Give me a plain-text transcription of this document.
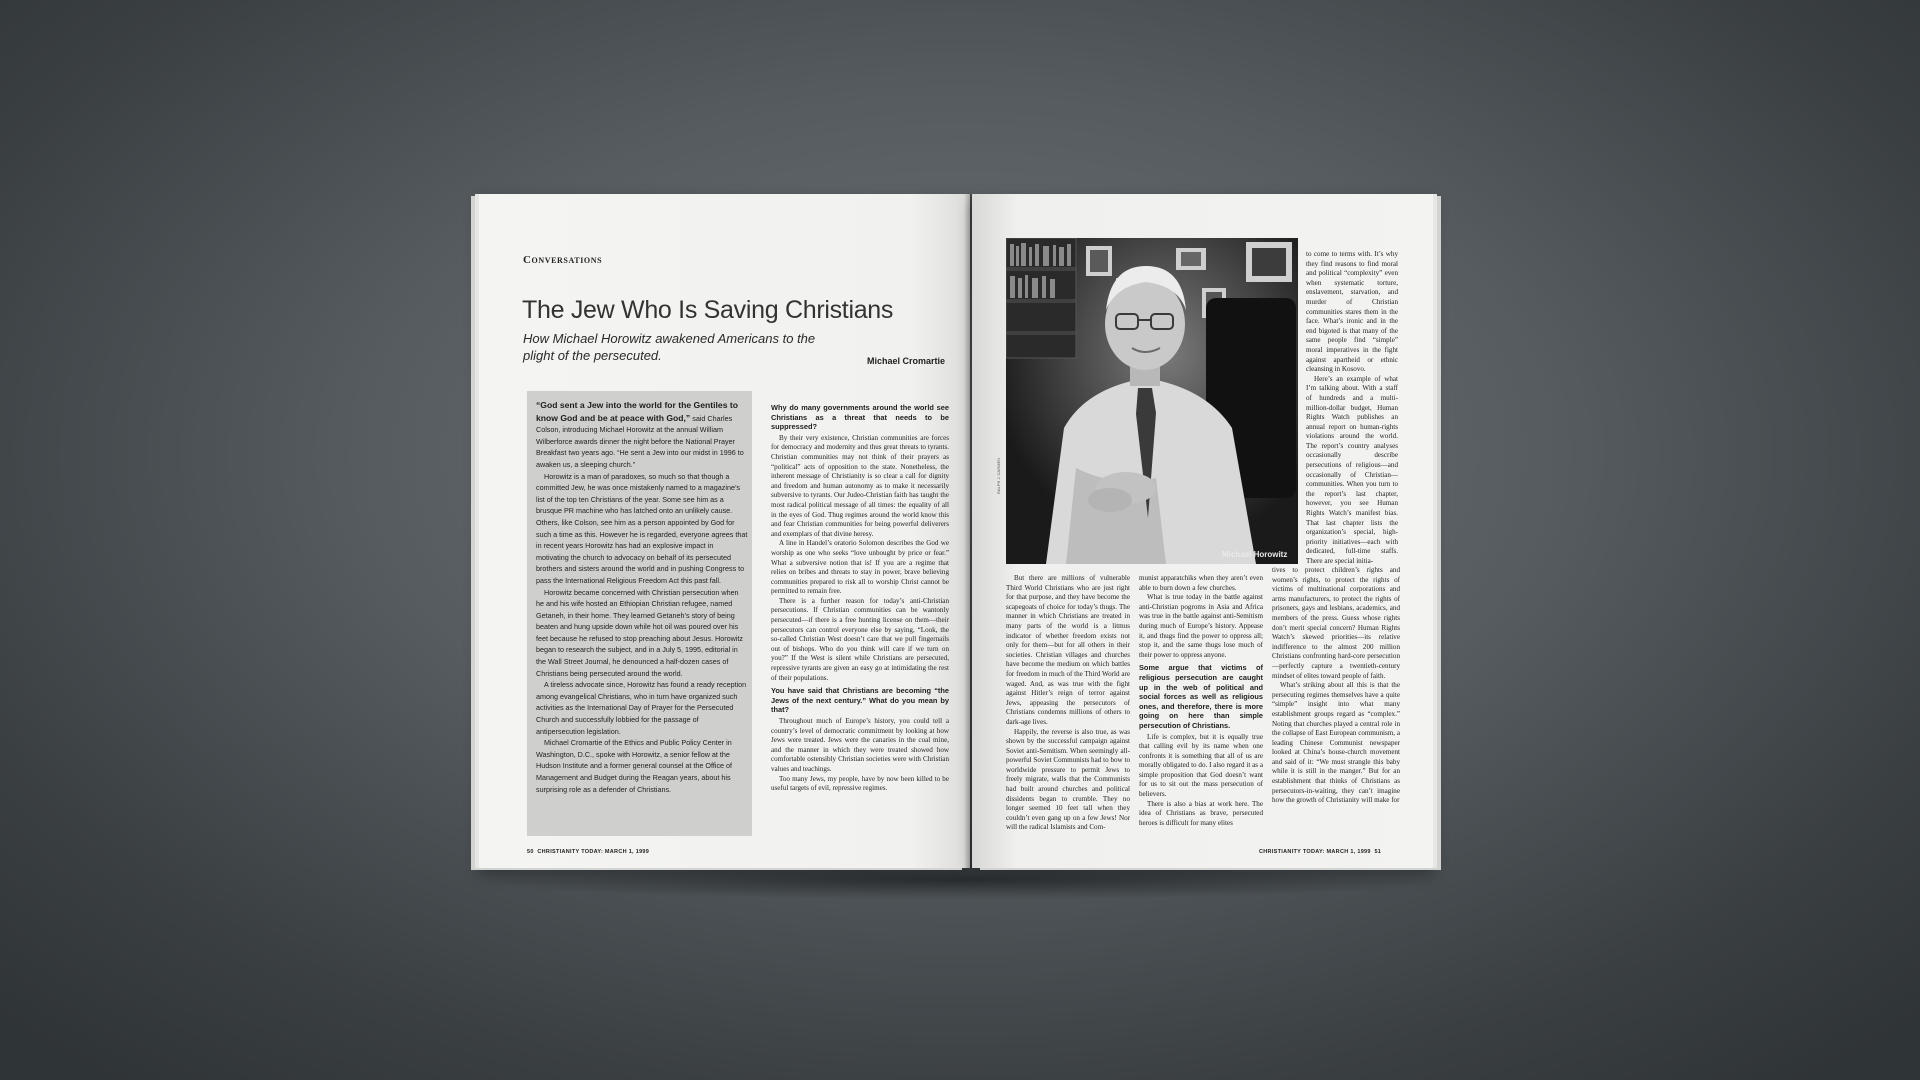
Conversations
The Jew Who Is Saving Christians
How Michael Horowitz awakened Americans to the plight of the persecuted.	Michael Cromartie

“God sent a Jew into the world for the Gentiles to know God and be at peace with God,” said Charles Colson, introducing Michael Horowitz at the annual William Wilberforce awards dinner the night before the National Prayer Breakfast two years ago. “He sent a Jew into our midst in 1996 to awaken us, a sleeping church.”

Horowitz is a man of paradoxes, so much so that though a committed Jew, he was once mistakenly named to a magazine’s list of the top ten Christians of the year. Some see him as a brusque PR machine who has latched onto an unlikely cause. Others, like Colson, see him as a person appointed by God for such a time as this. However he is regarded, everyone agrees that in recent years Horowitz has had an explosive impact in motivating the church to advocacy on behalf of its persecuted brothers and sisters around the world and in pushing Congress to pass the International Religious Freedom Act this past fall.

Horowitz became concerned with Christian persecution when he and his wife hosted an Ethiopian Christian refugee, named Getaneh, in their home. They learned Getaneh’s story of being beaten and hung upside down while hot oil was poured over his feet because he refused to stop preaching about Jesus. Horowitz began to research the subject, and in a July 5, 1995, editorial in the Wall Street Journal, he denounced a half-dozen cases of Christians being persecuted around the world.

A tireless advocate since, Horowitz has found a ready reception among evangelical Christians, who in turn have organized such activities as the International Day of Prayer for the Persecuted Church and successfully lobbied for the passage of antipersecution legislation.

Michael Cromartie of the Ethics and Public Policy Center in Washington, D.C., spoke with Horowitz, a senior fellow at the Hudson Institute and a former general counsel at the Office of Management and Budget during the Reagan years, about his surprising role as a defender of Christians.

Why do many governments around the world see Christians as a threat that needs to be suppressed?

By their very existence, Christian communities are forces for democracy and modernity and thus great threats to tyrants. Christian communities may not think of their prayers as “political” acts of opposition to the state. Nonetheless, the inherent message of Christianity is so clear a call for dignity and freedom and human autonomy as to make it necessarily subversive to tyrants. Our Judeo-Christian faith has taught the most radical political message of all times: the equality of all in the eyes of God. Thug regimes around the world know this and fear Christian communities for being powerful deliverers and exemplars of that divine heresy.

A line in Handel’s oratorio Solomon describes the God we worship as one who seeks “love unbought by price or fear.” What a subversive notion that is! If you are a regime that relies on bribes and threats to stay in power, brave believing communities prepared to risk all to worship Christ cannot be permitted to remain free.

There is a further reason for today’s anti-Christian persecutions. If Christian communities can be wantonly persecuted—if there is a free hunting license on them—their persecutors can control everyone else by saying, “Look, the so-called Christian West doesn’t care that we pull fingernails out of bishops. Who do you think will care if we turn on you?” If the West is silent while Christians are persecuted, repressive tyrants are given an easy go at intimidating the rest of their populations.

You have said that Christians are becoming “the Jews of the next century.” What do you mean by that?

Throughout much of Europe’s history, you could tell a country’s level of democratic commitment by looking at how Jews were treated. Jews were the canaries in the coal mine, and the manner in which they were treated showed how comfortable ostensibly Christian societies were with Christian values and teachings.

Too many Jews, my people, have by now been killed to be useful targets of evil, repressive regimes.

50 CHRISTIANITY TODAY: MARCH 1, 1999
Michael Horowitz
RALPH J. CARMEN

But there are millions of vulnerable Third World Christians who are just right for that purpose, and they have become the scapegoats of choice for today’s thugs. The manner in which Christians are treated in many parts of the world is a litmus indicator of whether freedom exists not only for them—but for all others in their societies. Christian villages and churches have become the medium on which battles for freedom in much of the Third World are waged. And, as was true with the fight against Hitler’s reign of terror against Jews, appeasing the persecutors of Christians condemns millions of others to dark-age lives.

Happily, the reverse is also true, as was shown by the successful campaign against Soviet anti-Semitism. When seemingly all-powerful Soviet Communists had to bow to worldwide pressure to permit Jews to freely migrate, walls that the Communists had built around churches and political dissidents began to crumble. They no longer seemed 10 feet tall when they couldn’t even gang up on a few Jews! Nor will the radical Islamists and Com-

munist apparatchiks when they aren’t even able to burn down a few churches.

What is true today in the battle against anti-Christian pogroms in Asia and Africa was true in the battle against anti-Semitism during much of Europe’s history. Appease it, and thugs find the power to oppress all; stop it, and the same thugs lose much of their power to oppress anyone.

Some argue that victims of religious persecution are caught up in the web of political and social forces as well as religious ones, and therefore, there is more going on here than simple persecution of Christians.

Life is complex, but it is equally true that calling evil by its name when one confronts it is something that all of us are morally obligated to do. I also regard it as a simple proposition that God doesn’t want for us to sit out the mass persecution of believers.

There is also a bias at work here. The idea of Christians as brave, persecuted heroes is difficult for many elites

to come to terms with. It’s why they find reasons to find moral and political “complexity” even when systematic torture, enslavement, starvation, and murder of Christian communities stares them in the face. What’s ironic and in the end bigoted is that many of the same people find “simple” moral imperatives in the fight against apartheid or ethnic cleansing in Kosovo.

Here’s an example of what I’m talking about. With a staff of hundreds and a multi-million-dollar budget, Human Rights Watch publishes an annual report on human-rights violations around the world. The report’s country analyses occasionally describe persecutions of religious—and occasionally of Christian—communities. When you turn to the report’s last chapter, however, you see Human Rights Watch’s manifest bias. That last chapter lists the organization’s special, high-priority initiatives—each with dedicated, full-time staffs. There are special initia-

tives to protect children’s rights and women’s rights, to protect the rights of victims of multinational corporations and arms manufacturers, to protect the rights of prisoners, gays and lesbians, academics, and members of the press. Guess whose rights don’t merit special concern? Human Rights Watch’s skewed priorities—its relative indifference to the almost 200 million Christians confronting hard-core persecution—perfectly capture a twentieth-century mindset of elites toward people of faith.

What’s striking about all this is that the persecuting regimes themselves have a quite “simple” insight into what many establishment groups regard as “complex.” Noting that churches played a central role in the collapse of East European communism, a leading Chinese Communist newspaper looked at China’s house-church movement and said of it: “We must strangle this baby while it is still in the manger.” But for an establishment that thinks of Christians as persecutors-in-waiting, they can’t imagine how the growth of Christianity will make for

CHRISTIANITY TODAY: MARCH 1, 1999 51
